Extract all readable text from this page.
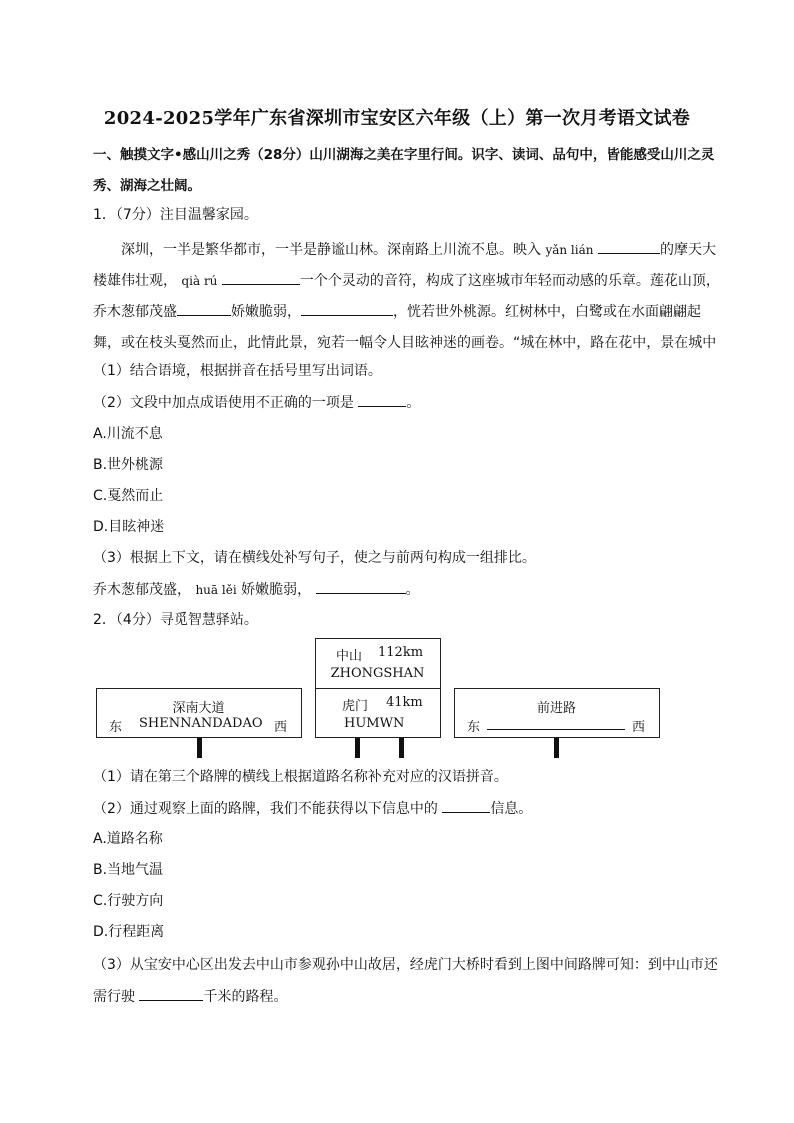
2024-2025学年广东省深圳市宝安区六年级（上）第一次月考语文试卷

一、触摸文字•感山川之秀（28分）山川湖海之美在字里行间。识字、读词、品句中，皆能感受山川之灵秀、湖海之壮阔。

1．（7分）注目温馨家园。

深圳，一半是繁华都市，一半是静谧山林。深南路上川流不息。映入 yǎn lián	的摩天大楼雄伟壮观， qià rú	一个个灵动的音符，构成了这座城市年轻而动感的乐章。莲花山顶，乔木葱郁茂盛	娇嫩脆弱，	，恍若世外桃源。红树林中，白鹭或在水面翩翩起舞，或在枝头戛然而止，此情此景，宛若一幅令人目眩神迷的画卷。“城在林中，路在花中，景在城中

（1）结合语境，根据拼音在括号里写出词语。
（2）文段中加点成语使用不正确的一项是	。
A.川流不息
B.世外桃源
C.戛然而止
D.目眩神迷
（3）根据上下文，请在横线处补写句子，使之与前两句构成一组排比。
乔木葱郁茂盛， huā lěi 娇嫩脆弱，	。
2．（4分）寻觅智慧驿站。
深南大道
东 SHENNANDADAO 西
中山 112km
ZHONGSHAN
虎门 41km
HUMWN
前进路
东	西
（1）请在第三个路牌的横线上根据道路名称补充对应的汉语拼音。
（2）通过观察上面的路牌，我们不能获得以下信息中的	信息。
A.道路名称
B.当地气温
C.行驶方向
D.行程距离
（3）从宝安中心区出发去中山市参观孙中山故居，经虎门大桥时看到上图中间路牌可知：到中山市还
需行驶	千米的路程。
